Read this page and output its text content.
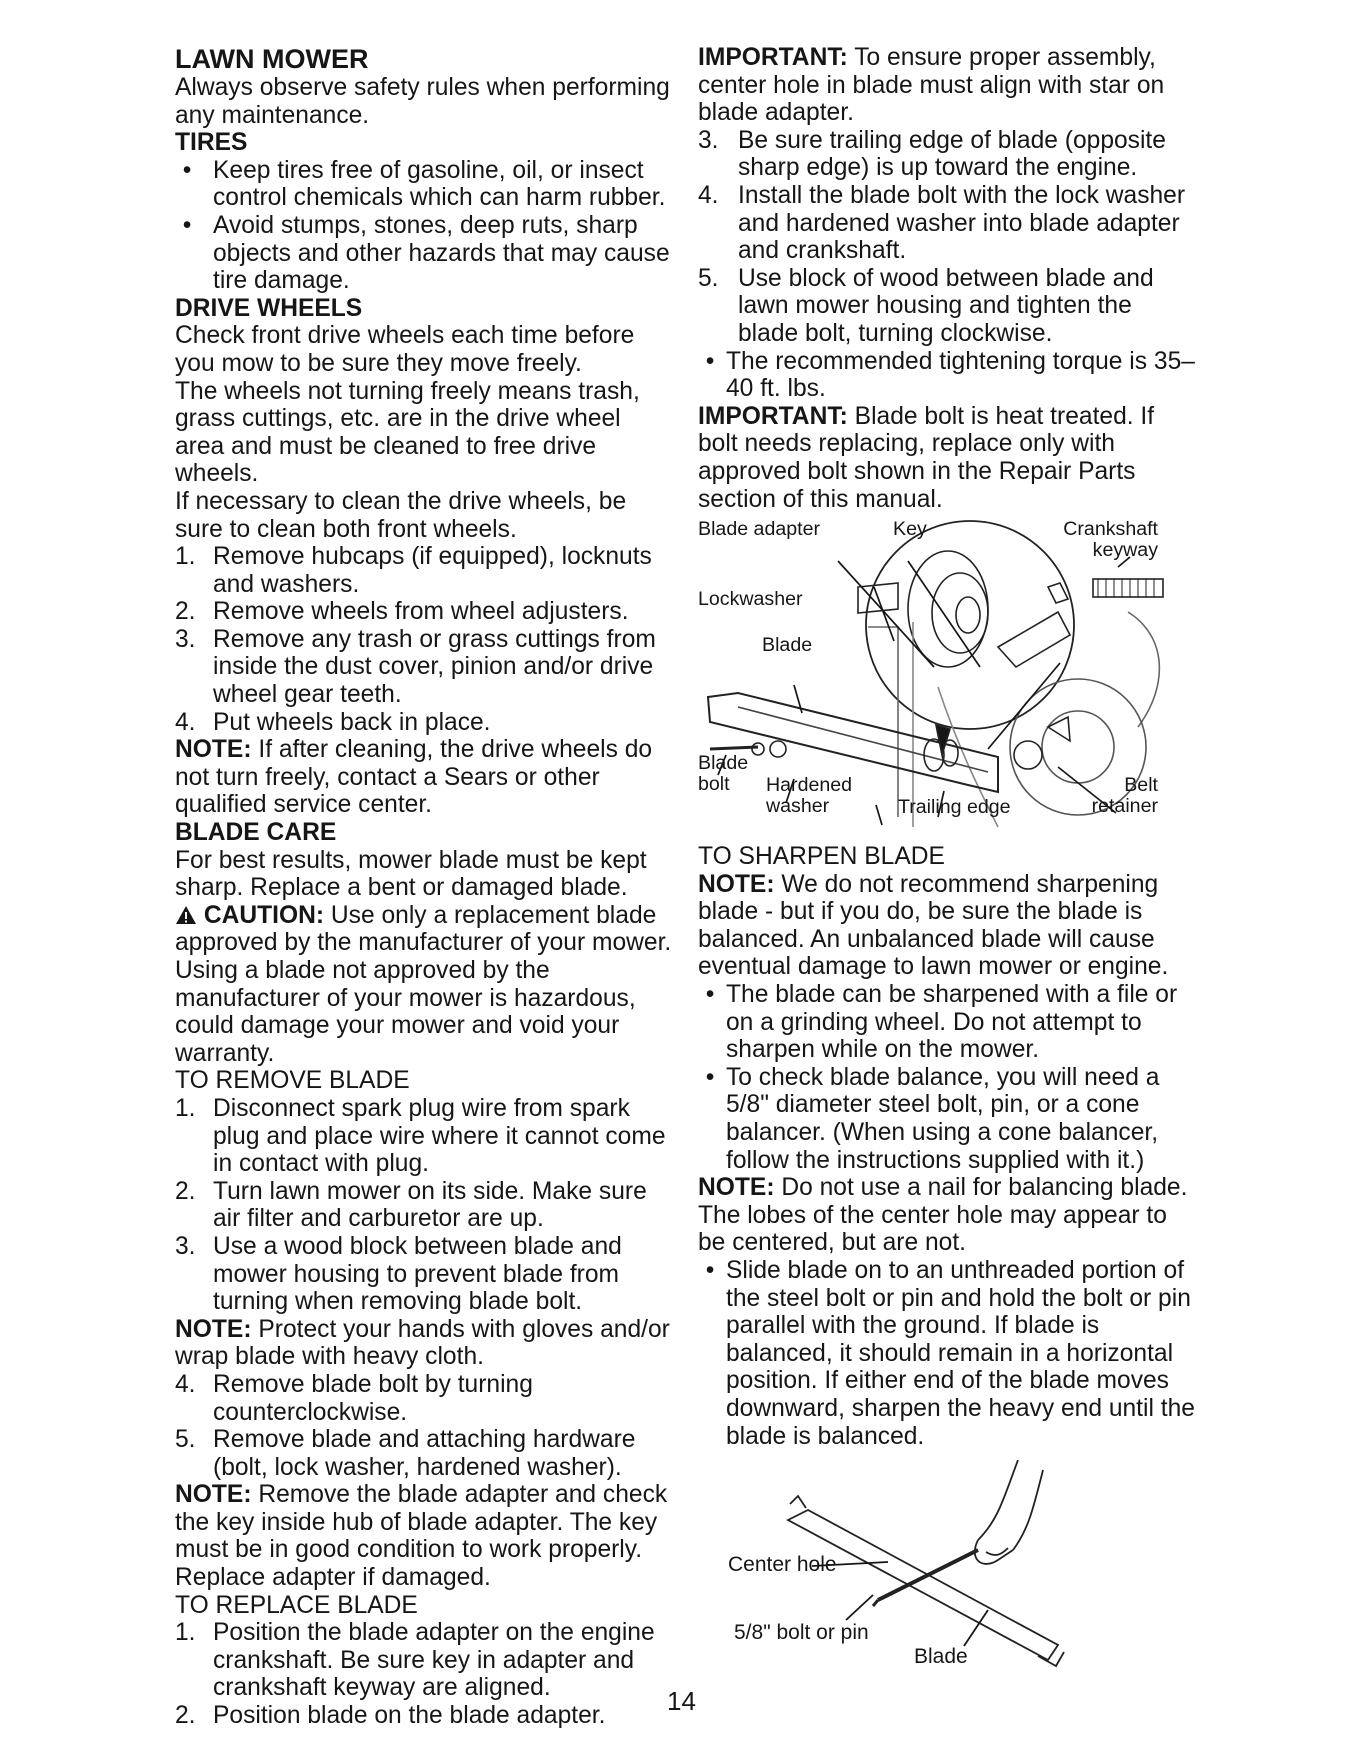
LAWN MOWER

Always observe safety rules when performing any maintenance.

TIRES

• Keep tires free of gasoline, oil, or insect control chemicals which can harm rubber.
• Avoid stumps, stones, deep ruts, sharp objects and other hazards that may cause tire damage.

DRIVE WHEELS

Check front drive wheels each time before you mow to be sure they move freely.

The wheels not turning freely means trash, grass cuttings, etc. are in the drive wheel area and must be cleaned to free drive wheels.

If necessary to clean the drive wheels, be sure to clean both front wheels.

1. Remove hubcaps (if equipped), locknuts and washers.
2. Remove wheels from wheel adjusters.
3. Remove any trash or grass cuttings from inside the dust cover, pinion and/or drive wheel gear teeth.
4. Put wheels back in place.

NOTE: If after cleaning, the drive wheels do not turn freely, contact a Sears or other qualified service center.

BLADE CARE

For best results, mower blade must be kept sharp. Replace a bent or damaged blade.

CAUTION: Use only a replacement blade approved by the manufacturer of your mower. Using a blade not approved by the manufacturer of your mower is hazardous, could damage your mower and void your warranty.

TO REMOVE BLADE

1. Disconnect spark plug wire from spark plug and place wire where it cannot come in contact with plug.
2. Turn lawn mower on its side. Make sure air filter and carburetor are up.
3. Use a wood block between blade and mower housing to prevent blade from turning when removing blade bolt.

NOTE: Protect your hands with gloves and/or wrap blade with heavy cloth.

4. Remove blade bolt by turning counterclockwise.
5. Remove blade and attaching hardware (bolt, lock washer, hardened washer).

NOTE: Remove the blade adapter and check the key inside hub of blade adapter. The key must be in good condition to work properly. Replace adapter if damaged.

TO REPLACE BLADE

1. Position the blade adapter on the engine crankshaft. Be sure key in adapter and crankshaft keyway are aligned.
2. Position blade on the blade adapter.

IMPORTANT: To ensure proper assembly, center hole in blade must align with star on blade adapter.

3. Be sure trailing edge of blade (opposite sharp edge) is up toward the engine.
4. Install the blade bolt with the lock washer and hardened washer into blade adapter and crankshaft.
5. Use block of wood between blade and lawn mower housing and tighten the blade bolt, turning clockwise.
• The recommended tightening torque is 35–40 ft. lbs.

IMPORTANT: Blade bolt is heat treated. If bolt needs replacing, replace only with approved bolt shown in the Repair Parts section of this manual.

Blade adapter	Key	Crankshaft keyway
Lockwasher
Blade
Blade bolt	Hardened washer	Trailing edge
Belt retainer

TO SHARPEN BLADE

NOTE: We do not recommend sharpening blade - but if you do, be sure the blade is balanced. An unbalanced blade will cause eventual damage to lawn mower or engine.

• The blade can be sharpened with a file or on a grinding wheel. Do not attempt to sharpen while on the mower.
• To check blade balance, you will need a 5/8" diameter steel bolt, pin, or a cone balancer. (When using a cone balancer, follow the instructions supplied with it.)

NOTE: Do not use a nail for balancing blade. The lobes of the center hole may appear to be centered, but are not.

• Slide blade on to an unthreaded portion of the steel bolt or pin and hold the bolt or pin parallel with the ground. If blade is balanced, it should remain in a horizontal position. If either end of the blade moves downward, sharpen the heavy end until the blade is balanced.
Center hole
5/8" bolt or pin
Blade
14
